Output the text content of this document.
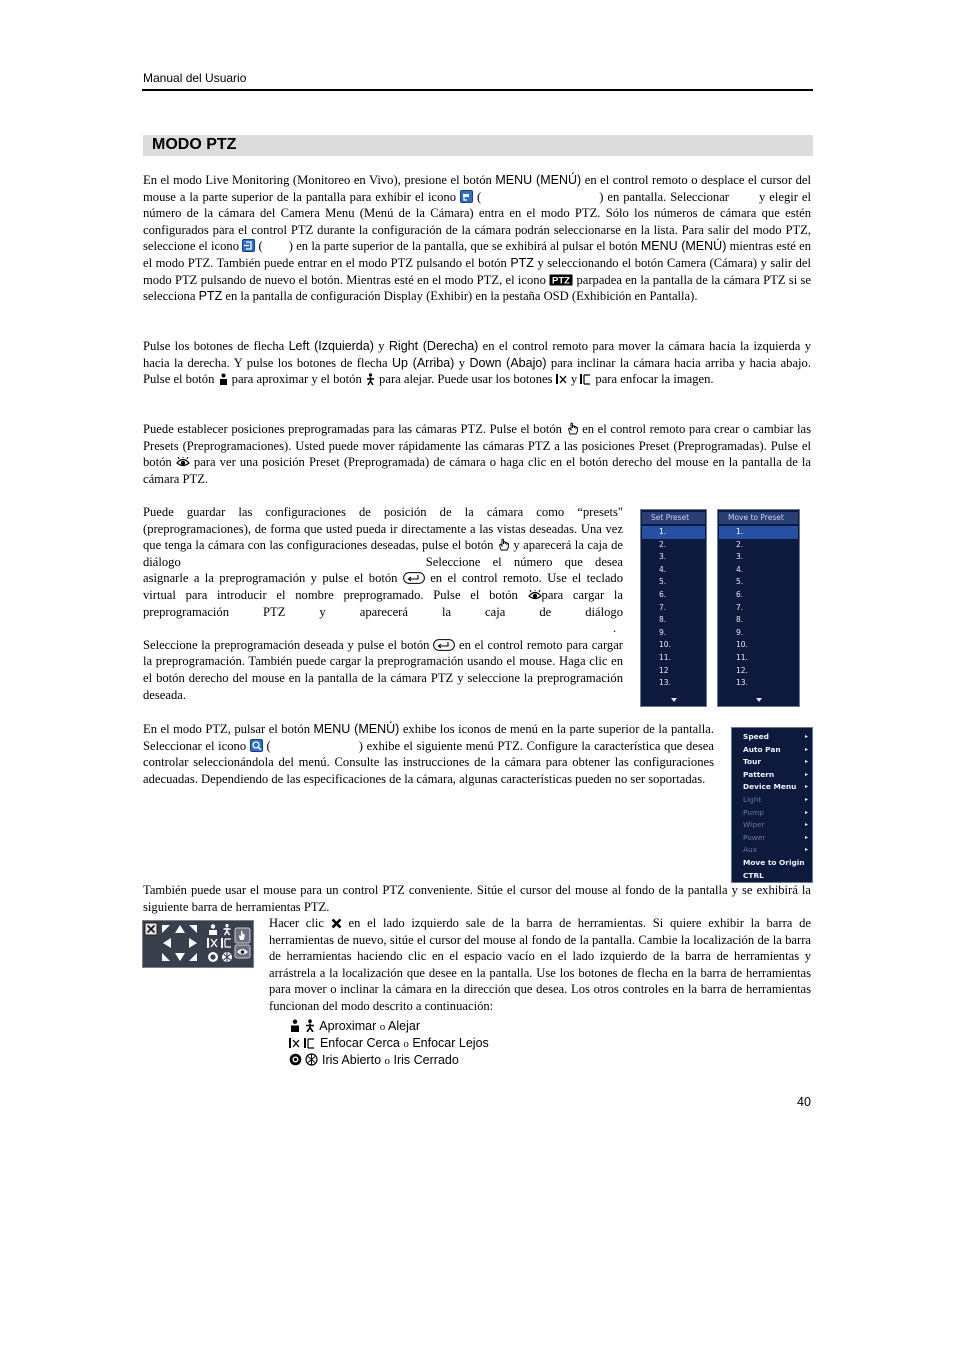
Manual del Usuario
MODO PTZ

En el modo Live Monitoring (Monitoreo en Vivo), presione el botón MENU (MENÚ) en el control remoto o desplace el cursor del mouse a la parte superior de la pantalla para exhibir el icono  (	) en pantalla. Seleccionar y elegir el número de la cámara del Camera Menu (Menú de la Cámara) entra en el modo PTZ. Sólo los números de cámara que estén configurados para el control PTZ durante la configuración de la cámara podrán seleccionarse en la lista. Para salir del modo PTZ, seleccione el icono  ( ) en la parte superior de la pantalla, que se exhibirá al pulsar el botón MENU (MENÚ) mientras esté en el modo PTZ. También puede entrar en el modo PTZ pulsando el botón PTZ y seleccionando el botón Camera (Cámara) y salir del modo PTZ pulsando de nuevo el botón. Mientras esté en el modo PTZ, el icono PTZ parpadea en la pantalla de la cámara PTZ si se selecciona PTZ en la pantalla de configuración Display (Exhibir) en la pestaña OSD (Exhibición en Pantalla).

Pulse los botones de flecha Left (Izquierda) y Right (Derecha) en el control remoto para mover la cámara hacia la izquierda y hacia la derecha. Y pulse los botones de flecha Up (Arriba) y Down (Abajo) para inclinar la cámara hacia arriba y hacia abajo. Pulse el botón  para aproximar y el botón  para alejar. Puede usar los botones  y  para enfocar la imagen.

Puede establecer posiciones preprogramadas para las cámaras PTZ. Pulse el botón  en el control remoto para crear o cambiar las Presets (Preprogramaciones). Usted puede mover rápidamente las cámaras PTZ a las posiciones Preset (Preprogramadas). Pulse el botón  para ver una posición Preset (Preprogramada) de cámara o haga clic en el botón derecho del mouse en la pantalla de la cámara PTZ.

Puede guardar las configuraciones de posición de la cámara como “presets" (preprogramaciones), de forma que usted pueda ir directamente a las vistas deseadas. Una vez que tenga la cámara con las configuraciones deseadas, pulse el botón  y aparecerá la caja de diálogo	Seleccione el número que desea asignarle a la preprogramación y pulse el botón  en el control remoto. Use el teclado virtual para introducir el nombre preprogramado. Pulse el botón para cargar la preprogramación PTZ y aparecerá la caja de diálogo. Seleccione la preprogramación deseada y pulse el botón  en el control remoto para cargar la preprogramación. También puede cargar la preprogramación usando el mouse. Haga clic en el botón derecho del mouse en la pantalla de la cámara PTZ y seleccione la preprogramación deseada.

Set Preset
1.
2.
3.
4.
5.
6.
7.
8.
9.
10.
11.
12
13.
Move to Preset
1.
2.
3.
4.
5.
6.
7.
8.
9.
10.
11.
12.
13.

En el modo PTZ, pulsar el botón MENU (MENÚ) exhibe los iconos de menú en la parte superior de la pantalla. Seleccionar el icono  (	) exhibe el siguiente menú PTZ. Configure la característica que desea controlar seleccionándola del menú. Consulte las instrucciones de la cámara para obtener las configuraciones adecuadas. Dependiendo de las especificaciones de la cámara, algunas características pueden no ser soportadas.

Speed	▸
Auto Pan	▸
Tour	▸
Pattern	▸
Device Menu ▸
Light	▸
Pump	▸
Wiper	▸
Power	▸
Aux	▸
Move to Origin
CTRL
También puede usar el mouse para un control PTZ conveniente. Sitúe el cursor del mouse al fondo de la pantalla y se exhibirá la siguiente barra de herramientas PTZ.

Hacer clic  en el lado izquierdo sale de la barra de herramientas. Si quiere exhibir la barra de herramientas de nuevo, sitúe el cursor del mouse al fondo de la pantalla. Cambie la localización de la barra de herramientas haciendo clic en el espacio vacío en el lado izquierdo de la barra de herramientas y arrástrela a la localización que desee en la pantalla. Use los botones de flecha en la barra de herramientas para mover o inclinar la cámara en la dirección que desea. Los otros controles en la barra de herramientas funcionan del modo descrito a continuación:

Aproximar o Alejar
Enfocar Cerca o Enfocar Lejos
Iris Abierto o Iris Cerrado
40
